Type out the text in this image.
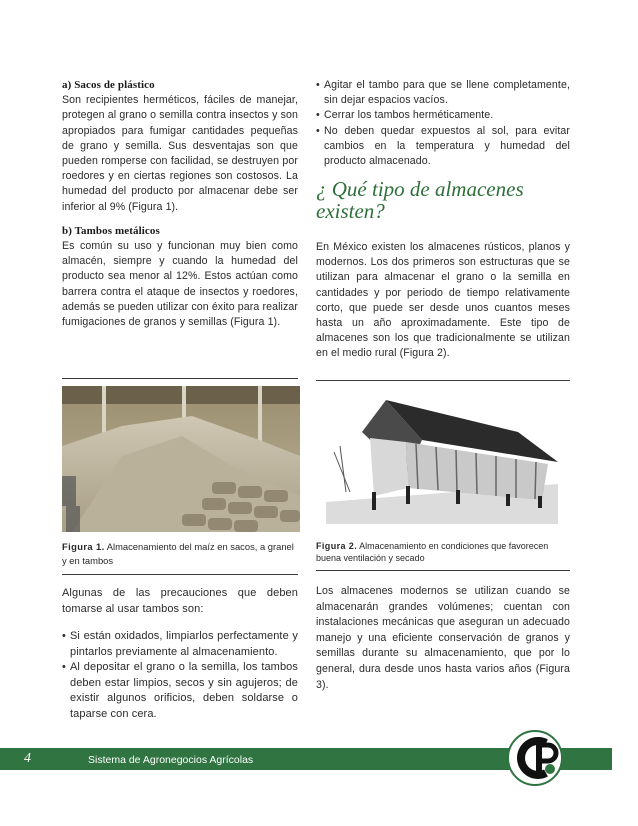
a) Sacos de plástico

Son recipientes herméticos, fáciles de manejar, protegen al grano o semilla contra insectos y son apropiados para fumigar cantidades pequeñas de grano y semilla. Sus desventajas son que pueden romperse con facilidad, se destruyen por roedores y en ciertas regiones son costosos. La humedad del producto por almacenar debe ser inferior al 9% (Figura 1).

b) Tambos metálicos

Es común su uso y funcionan muy bien como almacén, siempre y cuando la humedad del producto sea menor al 12%. Estos actúan como barrera contra el ataque de insectos y roedores, además se pueden utilizar con éxito para realizar fumigaciones de granos y semillas (Figura 1).

Figura 1. Almacenamiento del maíz en sacos, a granel y en tambos

Algunas de las precauciones que deben tomarse al usar tambos son:

• Si están oxidados, limpiarlos perfectamente y pintarlos previamente al almacenamiento.
• Al depositar el grano o la semilla, los tambos deben estar limpios, secos y sin agujeros; de existir algunos orificios, deben soldarse o taparse con cera.
• Agitar el tambo para que se llene completamente, sin dejar espacios vacíos.
• Cerrar los tambos herméticamente.
• No deben quedar expuestos al sol, para evitar cambios en la temperatura y humedad del producto almacenado.
¿ Qué tipo de almacenes existen?

En México existen los almacenes rústicos, planos y modernos. Los dos primeros son estructuras que se utilizan para almacenar el grano o la semilla en cantidades y por periodo de tiempo relativamente corto, que puede ser desde unos cuantos meses hasta un año aproximadamente. Este tipo de almacenes son los que tradicionalmente se utilizan en el medio rural (Figura 2).

Figura 2. Almacenamiento en condiciones que favorecen buena ventilación y secado

Los almacenes modernos se utilizan cuando se almacenarán grandes volúmenes; cuentan con instalaciones mecánicas que aseguran un adecuado manejo y una eficiente conservación de granos y semillas durante su almacenamiento, que por lo general, dura desde unos hasta varios años (Figura 3).

4	Sistema de Agronegocios Agrícolas
